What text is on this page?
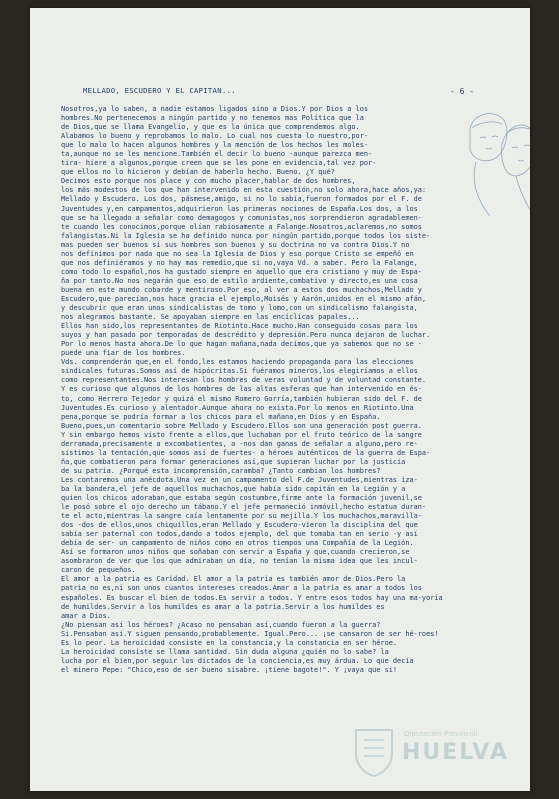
MELLADO, ESCUDERO Y EL CAPITAN...	- 6 -
Nosotros,ya lo saben, a nadie estamos ligados sino a Dios.Y por Dios a los
hombres.No pertenecemos a ningún partido y no tenemos mas Política que la
de Dios,que se llama Evangelio, y que es la única que comprendemos algo.
Alabamos lo bueno y reprobamos lo malo. Lo cual nos cuesta lo nuestro,por-
que lo malo lo hacen algunos hombres y la mención de los hechos les moles-
ta,aunque no se les mencione.También el decir lo bueno -aunque parezca men-
tira- hiere a algunos,porque creen que se les pone en evidencia,tal vez por-
que ellos no lo hicieron y debían de haberlo hecho. Bueno. ¿Y qué?
Decimos esto porque nos place y con mucho placer,hablar de dos hombres,
los más modestos de los que han intervenido en esta cuestión,no solo ahora,hace años,ya:
Mellado y Escudero. Los dos, pásmese,amigo, si no lo sabía,fueron formados por el F. de
Juventudes y,en campamentos,adquirieron las primeras nociones de España.Los dos, a los
que se ha llegado a señalar como demagogos y comunistas,nos sorprendieron agradablemen-
te cuando les conocimos,porque olían rabiosamente a Falange.Nosotros,aclaremos,no somos
falangistas.Ni la Iglesia se ha definido nunca por ningún partido,porque todos los siste-
mas pueden ser buenos si sus hombres son buenos y su doctrina no va contra Dios.Y no
nos definimos por nada que no sea la Iglesia de Dios y eso porque Cristo se empeñó en
que nos definiéramos y no hay mas remedio,que si no,vaya Vd. a saber. Pero la Falange,
como todo lo español,nos ha gustado siempre en aquello que era cristiano y muy de Espa-
ña por tanto.No nos negarán que eso de estilo ardiente,combativo y directo,es una cosa
buena en este mundo cobarde y mentiroso.Por eso, al ver a estos dos muchachos,Mellado y
Escudero,que parecían,nos hace gracia el ejemplo,Moisés y Aarón,unidos en el mismo afán,
y descubrir que eran unos sindicalistas de tomo y lomo,con un sindicalismo falangista,
nos alegramos bastante. Se apoyaban siempre en las encíclicas papales...
Ellos han sido,los representantes de Riotinto.Hace mucho.Han conseguido cosas para los
suyos y han pasado por temporadas de descrédito y depresión.Pero nunca dejaron de luchar.
Por lo menos hasta ahora.De lo que hagan mañana,nada decimos,que ya sabemos que no se -
puede una fiar de los hombres.
Vds. comprenderán que,en el fondo,les estamos haciendo propaganda para las elecciones
sindicales futuras.Somos así de hipócritas.Si fuéramos mineros,los elegiríamos a ellos
como representantes.Nos interesan los hombres de veras voluntad y de voluntad constante.
Y es curioso que algunos de los hombres de las altas esferas que han intervenido en és-
to, como Herrero Tejedor y quizá el mismo Romero Gorría,también hubieran sido del F. de
Juventudes.Es curioso y alentador.Aunque ahora no exista.Por lo menos en Riotinto.Una
pena,porque se podría formar a los chicos para el mañana,en Dios y en España.
Bueno,pues,un comentario sobre Mellado y Escudero.Ellos son una generación post guerra.
Y sin embargo hemos visto frente a ellos,que luchaban por el fruto teórico de la sangre
derramada,precisamente a excombatientes, a -nos dan ganas de señalar a alguno,pero re-
sistimos la tentación,que somos así de fuertes- a héroes auténticos de la guerra de Espa-
ña,que combatieron para formar generaciones así,que supieran luchar por la justicia
de su patria. ¿Porqué esta incomprensión,caramba? ¿Tanto cambian los hombres?
Les contaremos una anécdota.Una vez en un campamento del F.de Juventudes,mientras iza-
ba la bandera,el jefe de aquellos muchachos,que había sido capitán en la Legión y a
quien los chicos adoraban,que estaba según costumbre,firme ante la formación juvenil,se
le posó sobre el ojo derecho un tábano.Y el jefe permaneció inmóvil,hecho estatua duran-
te el acto,mientras la sangre caía lentamente por su mejilla.Y los muchachos,maravilla-
dos -dos de ellos,unos chiquillos,eran Mellado y Escudero-vieron la disciplina del que
sabía ser paternal con todos,dando a todos ejemplo, del que tomaba tan en serio -y así
debía de ser- un campamento de niños como en otros tiempos una Compañía de la Legión.
Así se formaron unos niños que soñaban con servir a España y que,cuando crecieron,se
asombraron de ver que los que admiraban un día, no tenían la misma idea que les incul-
caron de pequeños.
El amor a la patria es Caridad. El amor a la patria es también amor de Dios.Pero la
patria no es,ni son unos cuantos intereses creados.Amar a la patria es amar a todos los
españoles. Es buscar el bien de todos.Es servir a todos. Y entre esos todos hay una ma-yoría
de humildes.Servir a los humildes es amar a la patria.Servir a los humildes es
amar a Dios.
¿No piensan así los héroes? ¿Acaso no pensaban así,cuando fueron a la guerra?
Si.Pensaban así.Y siguen pensando,probablemente. Igual.Pero... ¡se cansaron de ser hé-roes!
Es lo peor. La heroicidad consiste en la constancia,y la constancia en ser héroe.
La heroicidad consiste se llama santidad. Sin duda alguna ¿quién no lo sabe? la
lucha por el bien,por seguir los dictados de la conciencia,es muy árdua. Lo que decía
el minero Pepe: "Chico,eso de ser bueno sisabre. ¡tiene bagote!". Y ¡vaya que si!
Diputación Provincial
HUELVA
